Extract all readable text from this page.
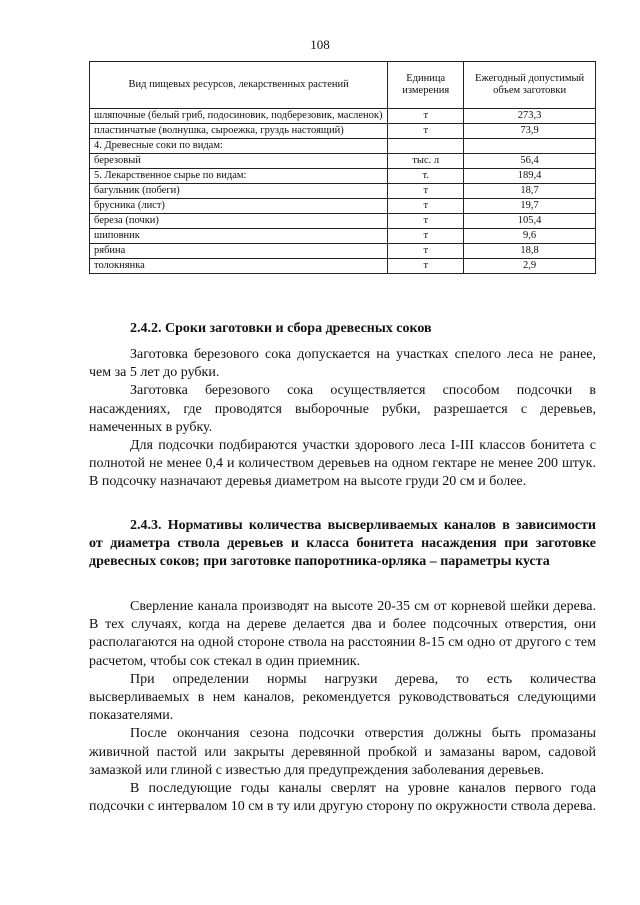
108
Вид пищевых ресурсов, лекарственных растений	Единица измерения	Ежегодный допустимый объем заготовки
шляпочные (белый гриб, подосиновик, подберезовик, масленок)	т	273,3
пластинчатые (волнушка, сыроежка, груздь настоящий)	т	73,9
4. Древесные соки по видам:		
березовый	тыс. л	56,4
5. Лекарственное сырье по видам:	т.	189,4
багульник (побеги)	т	18,7
брусника (лист)	т	19,7
береза (почки)	т	105,4
шиповник	т	9,6
рябина	т	18,8
толокнянка	т	2,9
2.4.2. Сроки заготовки и сбора древесных соков

Заготовка березового сока допускается на участках спелого леса не ранее, чем за 5 лет до рубки.

Заготовка березового сока осуществляется способом подсочки в насаждениях, где проводятся выборочные рубки, разрешается с деревьев, намеченных в рубку.

Для подсочки подбираются участки здорового леса I-III классов бонитета с полнотой не менее 0,4 и количеством деревьев на одном гектаре не менее 200 штук. В подсочку назначают деревья диаметром на высоте груди 20 см и более.

2.4.3. Нормативы количества высверливаемых каналов в зависимости от диаметра ствола деревьев и класса бонитета насаждения при заготовке древесных соков; при заготовке папоротника-орляка – параметры куста

Сверление канала производят на высоте 20-35 см от корневой шейки дерева. В тех случаях, когда на дереве делается два и более подсочных отверстия, они располагаются на одной стороне ствола на расстоянии 8-15 см одно от другого с тем расчетом, чтобы сок стекал в один приемник.

При определении нормы нагрузки дерева, то есть количества высверливаемых в нем каналов, рекомендуется руководствоваться следующими показателями.

После окончания сезона подсочки отверстия должны быть промазаны живичной пастой или закрыты деревянной пробкой и замазаны варом, садовой замазкой или глиной с известью для предупреждения заболевания деревьев.

В последующие годы каналы сверлят на уровне каналов первого года подсочки с интервалом 10 см в ту или другую сторону по окружности ствола дерева.
